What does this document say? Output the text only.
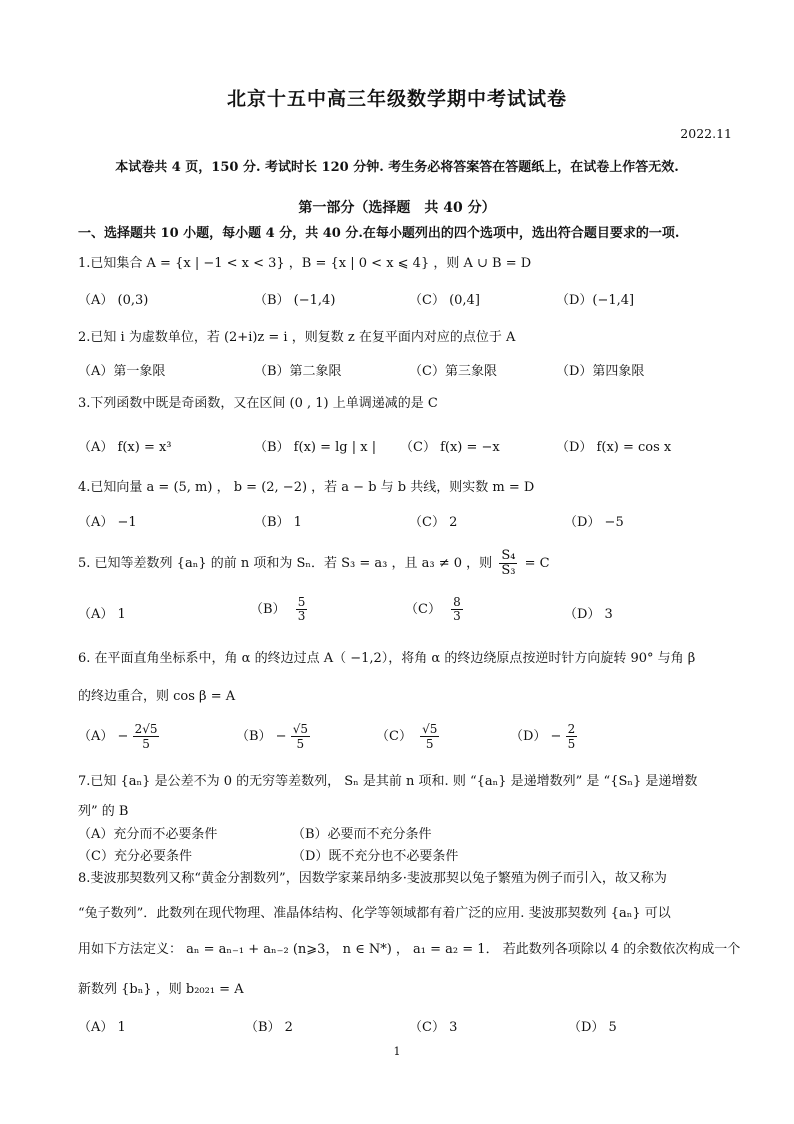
北京十五中高三年级数学期中考试试卷
2022.11
本试卷共 4 页，150 分. 考试时长 120 分钟. 考生务必将答案答在答题纸上，在试卷上作答无效.
第一部分（选择题　共 40 分）
一、选择题共 10 小题，每小题 4 分，共 40 分.在每小题列出的四个选项中，选出符合题目要求的一项.
1.已知集合 A = {x | −1 < x < 3} ，B = {x | 0 < x ⩽ 4} ，则 A ∪ B = D
（A） (0,3)	（B） (−1,4)	（C） (0,4]	（D）(−1,4]
2.已知 i 为虚数单位，若 (2+i)z = i ，则复数 z 在复平面内对应的点位于 A
（A）第一象限	（B）第二象限	（C）第三象限	（D）第四象限
3.下列函数中既是奇函数，又在区间 (0 , 1) 上单调递减的是 C
（A） f(x) = x³	（B） f(x) = lg | x | （C） f(x) = −x	（D） f(x) = cos x
4.已知向量 a = (5, m) ， b = (2, −2) ，若 a − b 与 b 共线，则实数 m = D
（A） −1	（B） 1	（C） 2	（D） −5
5. 已知等差数列 {aₙ} 的前 n 项和为 Sₙ．若 S₃ = a₃ ，且 a₃ ≠ 0 ，则 $\frac{\text{S₄}}{\text{S₃}} = C$
（A） 1	$(B) \frac{5}{3}$	$(C) \frac{8}{3}$	（D） 3
6. 在平面直角坐标系中，角 α 的终边过点 A（ −1,2），将角 α 的终边绕原点按逆时针方向旋转 90° 与角 β
的终边重合，则 cos β = A
$(A) - \frac{2√5}{5}$	$(B) - \frac{√5}{5}$	$(C) \frac{√5}{5}$	$(D) - \frac{2}{5}$
7.已知 {aₙ} 是公差不为 0 的无穷等差数列， Sₙ 是其前 n 项和. 则 “{aₙ} 是递增数列” 是 “{Sₙ} 是递增数
列” 的 B
（A）充分而不必要条件	（B）必要而不充分条件
（C）充分必要条件	（D）既不充分也不必要条件
8.斐波那契数列又称“黄金分割数列”，因数学家莱昂纳多·斐波那契以兔子繁殖为例子而引入，故又称为
“兔子数列”．此数列在现代物理、准晶体结构、化学等领域都有着广泛的应用. 斐波那契数列 {aₙ} 可以
用如下方法定义： aₙ = aₙ₋₁ + aₙ₋₂ (n⩾3， n ∈ N*) ， a₁ = a₂ = 1． 若此数列各项除以 4 的余数依次构成一个
新数列 {bₙ} ，则 b₂₀₂₁ = A
（A） 1	（B） 2	（C） 3	（D） 5
1
